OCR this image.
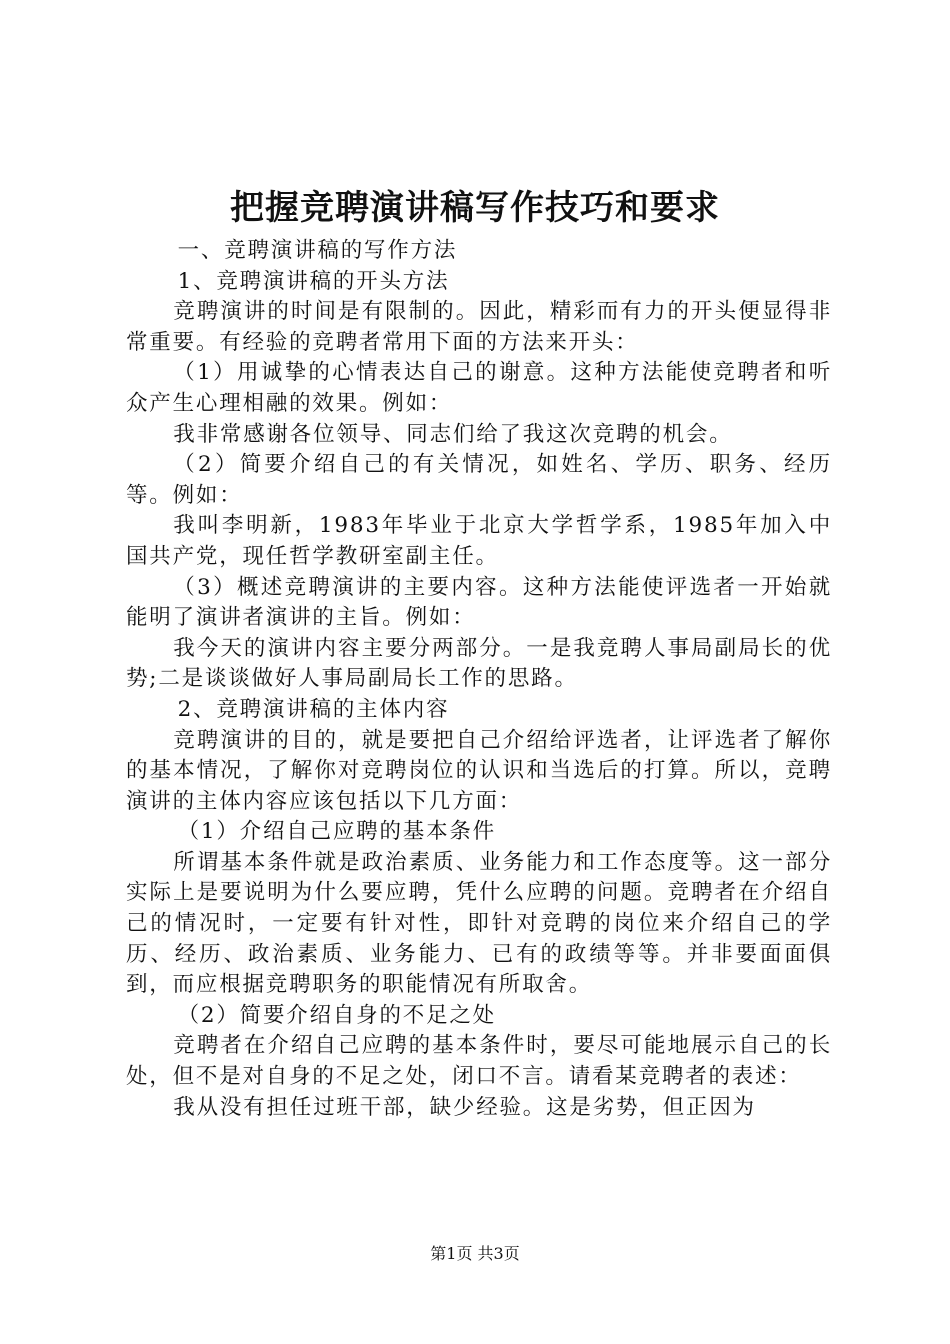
把握竞聘演讲稿写作技巧和要求

一、竞聘演讲稿的写作方法

1、竞聘演讲稿的开头方法

竞聘演讲的时间是有限制的。因此，精彩而有力的开头便显得非常重要。有经验的竞聘者常用下面的方法来开头：

（1）用诚挚的心情表达自己的谢意。这种方法能使竞聘者和听众产生心理相融的效果。例如：

我非常感谢各位领导、同志们给了我这次竞聘的机会。

（2）简要介绍自己的有关情况，如姓名、学历、职务、经历等。例如：

我叫李明新，1983年毕业于北京大学哲学系，1985年加入中国共产党，现任哲学教研室副主任。

（3）概述竞聘演讲的主要内容。这种方法能使评选者一开始就能明了演讲者演讲的主旨。例如：

我今天的演讲内容主要分两部分。一是我竞聘人事局副局长的优势;二是谈谈做好人事局副局长工作的思路。

2、竞聘演讲稿的主体内容

竞聘演讲的目的，就是要把自己介绍给评选者，让评选者了解你的基本情况，了解你对竞聘岗位的认识和当选后的打算。所以，竞聘演讲的主体内容应该包括以下几方面：

（1）介绍自己应聘的基本条件

所谓基本条件就是政治素质、业务能力和工作态度等。这一部分实际上是要说明为什么要应聘，凭什么应聘的问题。竞聘者在介绍自己的情况时，一定要有针对性，即针对竞聘的岗位来介绍自己的学历、经历、政治素质、业务能力、已有的政绩等等。并非要面面俱到，而应根据竞聘职务的职能情况有所取舍。

（2）简要介绍自身的不足之处

竞聘者在介绍自己应聘的基本条件时，要尽可能地展示自己的长处，但不是对自身的不足之处，闭口不言。请看某竞聘者的表述：

我从没有担任过班干部，缺少经验。这是劣势，但正因为

第1页 共3页
